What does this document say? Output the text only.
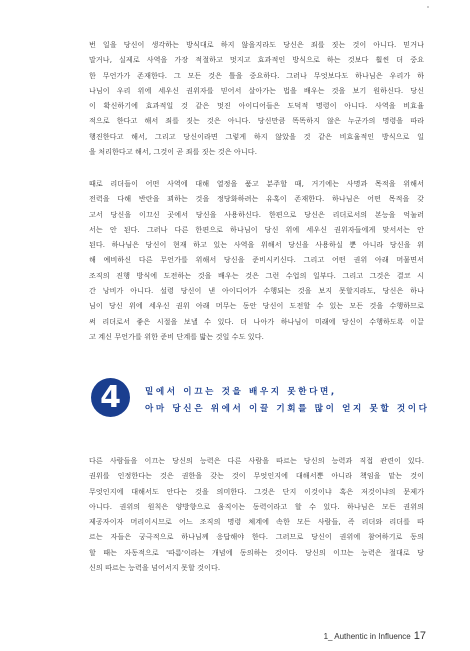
번 일을 당신이 생각하는 방식대로 하지 않을지라도 당신은 죄를 짓는 것이 아니다. 믿거나
말거나, 실제로 사역을 가장 적절하고 멋지고 효과적인 방식으로 하는 것보다 훨씬 더 중요
한 무언가가 존재한다. 그 모든 것은 틀을 중요하다. 그러나 무엇보다도 하나님은 우리가 하
나님이 우리 위에 세우신 권위자를 믿어서 살아가는 법을 배우는 것을 보기 원하신다. 당신
이 확신하기에 효과적일 것 같은 멋진 아이디어들은 도덕적 명령이 아니다. 사역을 비효율
적으로 한다고 해서 죄를 짓는 것은 아니다. 당신만큼 똑똑하지 않은 누군가의 명령을 따라
행진한다고 해서, 그리고 당신이라면 그렇게 하지 않았을 것 같은 비효율적인 방식으로 일
을 처리한다고 해서, 그것이 곧 죄를 짓는 것은 아니다.
때로 리더들이 어떤 사역에 대해 열정을 품고 분주할 때, 거기에는 사명과 목적을 위해서
전력을 다해 반란을 꾀하는 것을 정당화하려는 유혹이 존재한다. 하나님은 어떤 목적을 갖
고서 당신을 이끄신 곳에서 당신을 사용하신다. 한편으로 당신은 리더로서의 본능을 억눌러
서는 안 된다. 그러나 다른 한편으로 하나님이 당신 위에 세우신 권위자들에게 맞서서는 안
된다. 하나님은 당신이 현재 하고 있는 사역을 위해서 당신을 사용하실 뿐 아니라 당신을 위
해 예비하신 다른 무언가를 위해서 당신을 준비시키신다. 그리고 어떤 권위 아래 머물면서
조직의 진행 방식에 도전하는 것을 배우는 것은 그런 수업의 일부다. 그리고 그것은 결코 시
간 낭비가 아니다. 설령 당신이 낸 아이디어가 수행되는 것을 보지 못할지라도, 당신은 하나
님이 당신 위에 세우신 권위 아래 머무는 동안 당신이 도전할 수 있는 모든 것을 수행하므로
써 리더로서 좋은 시절을 보낼 수 있다. 더 나아가 하나님이 미래에 당신이 수행하도록 이끌
고 계신 무언가를 위한 준비 단계를 밟는 것일 수도 있다.
4	밑에서 이끄는 것을 배우지 못한다면,
아마 당신은 위에서 이끌 기회를 많이 얻지 못할 것이다
다른 사람들을 이끄는 당신의 능력은 다른 사람을 따르는 당신의 능력과 직접 관련이 있다.
권위를 인정한다는 것은 권한을 갖는 것이 무엇인지에 대해서뿐 아니라 책임을 맡는 것이
무엇인지에 대해서도 안다는 것을 의미한다. 그것은 단지 이것이냐 혹은 저것이냐의 문제가
아니다. 권위의 원칙은 양방향으로 움직이는 동력이라고 할 수 있다. 하나님은 모든 권위의
제공자이자 머리이시므로 어느 조직의 명령 체계에 속한 모든 사람들, 즉 리더와 리더를 따
르는 자들은 궁극적으로 하나님께 응답해야 한다. 그러므로 당신이 권위에 참여하기로 동의
할 때는 자동적으로 '따름'이라는 개념에 동의하는 것이다. 당신의 이끄는 능력은 절대로 당
신의 따르는 능력을 넘어서지 못할 것이다.
1_ Authentic in Influence 17
